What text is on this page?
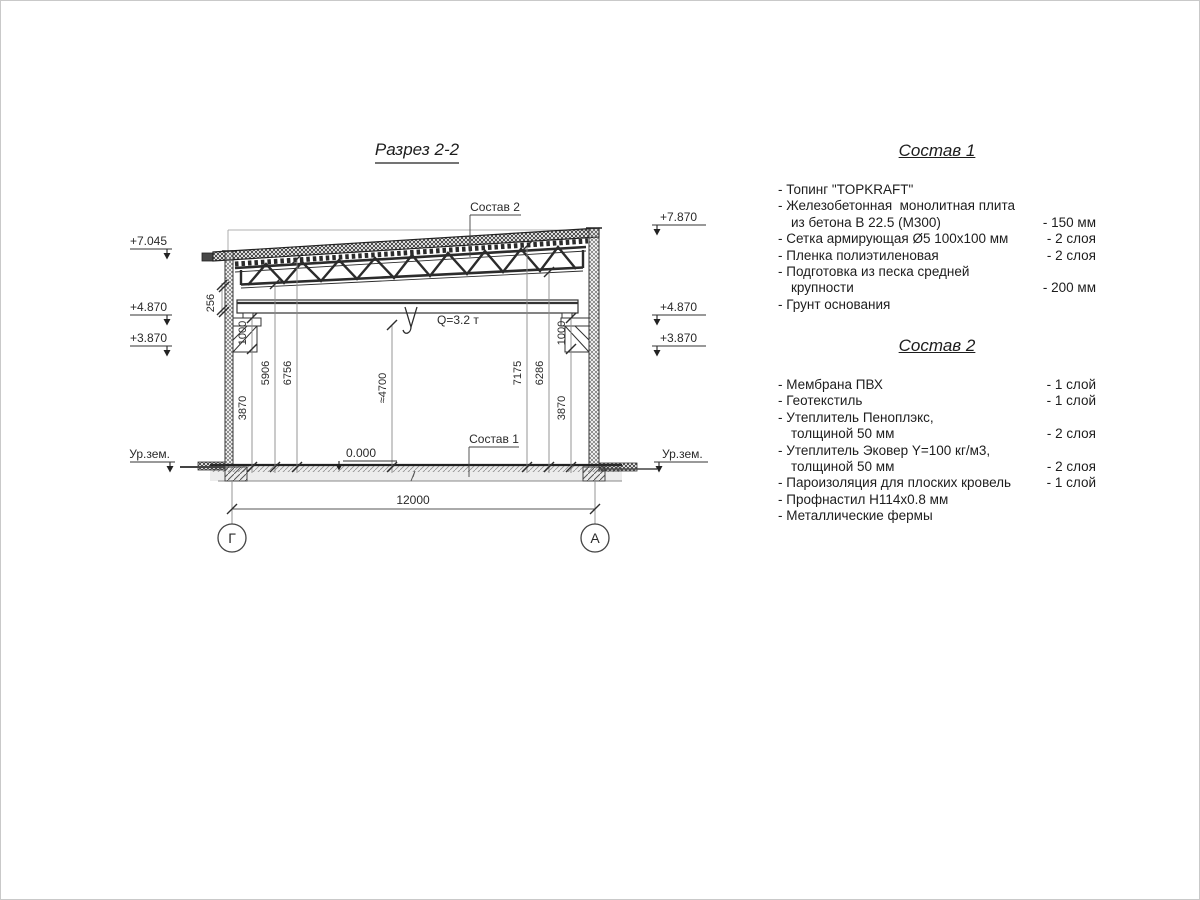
Разрез 2-2
Q=3.2 т
3870
1000
5906 6756	≈4700	7175 6286
1000
3870
256
0.000
Состав 2
Состав 1
+7.045
+4.870
+3.870
Ур.зем.
+7.870
+4.870
+3.870
Ур.зем.
12000
Г	А
Состав 1
- Топинг "TOPKRAFT"
- Железобетонная  монолитная плита
из бетона В 22.5 (М300)	- 150 мм
- Сетка армирующая Ø5 100x100 мм	- 2 слоя
- Пленка полиэтиленовая	- 2 слоя
- Подготовка из песка средней
крупности	- 200 мм
- Грунт основания
Состав 2
- Мембрана ПВХ	- 1 слой
- Геотекстиль	- 1 слой
- Утеплитель Пеноплэкс,
толщиной 50 мм	- 2 слоя
- Утеплитель Эковер Y=100 кг/м3,
толщиной 50 мм	- 2 слоя
- Пароизоляция для плоских кровель	- 1 слой
- Профнастил Н114х0.8 мм
- Металлические фермы
